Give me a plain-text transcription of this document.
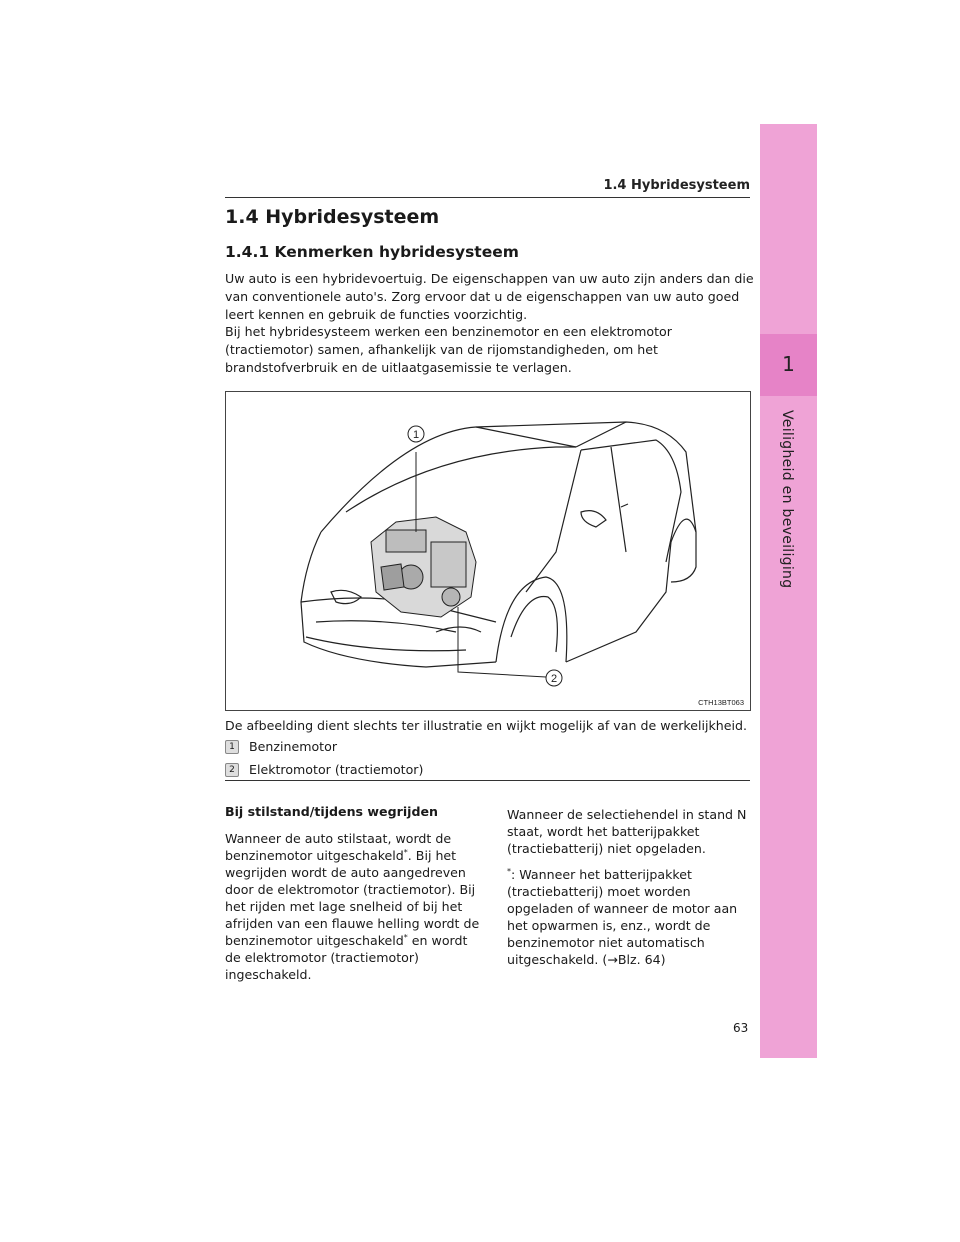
1
Veiligheid en beveiliging
1.4 Hybridesysteem
1.4 Hybridesysteem
1.4.1 Kenmerken hybridesysteem
Uw auto is een hybridevoertuig. De eigenschappen van uw auto zijn anders dan die van conventionele auto's. Zorg ervoor dat u de eigenschappen van uw auto goed leert kennen en gebruik de functies voorzichtig.
Bij het hybridesysteem werken een benzinemotor en een elektromotor (tractiemotor) samen, afhankelijk van de rijomstandigheden, om het brandstofverbruik en de uitlaatgasemissie te verlagen.
1
2
CTH13BT063
De afbeelding dient slechts ter illustratie en wijkt mogelijk af van de werkelijkheid.
1	Benzinemotor
2	Elektromotor (tractiemotor)
Bij stilstand/tijdens wegrijden

Wanneer de auto stilstaat, wordt de benzinemotor uitgeschakeld*. Bij het wegrijden wordt de auto aangedreven door de elektromotor (tractiemotor). Bij het rijden met lage snelheid of bij het afrijden van een flauwe helling wordt de benzinemotor uitgeschakeld* en wordt de elektromotor (tractiemotor) ingeschakeld.

Wanneer de selectiehendel in stand N staat, wordt het batterijpakket (tractiebatterij) niet opgeladen.

*: Wanneer het batterijpakket (tractiebatterij) moet worden opgeladen of wanneer de motor aan het opwarmen is, enz., wordt de benzinemotor niet automatisch uitgeschakeld. (→Blz. 64)

63
